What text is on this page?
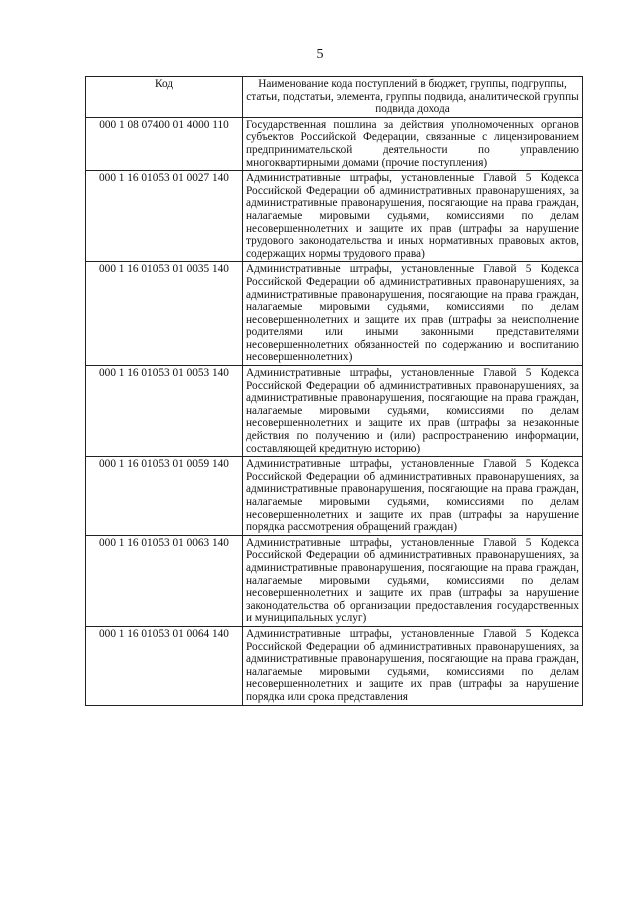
5
Код	Наименование кода поступлений в бюджет, группы, подгруппы, статьи, подстатьи, элемента, группы подвида, аналитической группы подвида дохода
000 1 08 07400 01 4000 110	Государственная пошлина за действия уполномоченных органов субъектов Российской Федерации, связанные с лицензированием предпринимательской деятельности по управлению многоквартирными домами (прочие поступления)
000 1 16 01053 01 0027 140	Административные штрафы, установленные Главой 5 Кодекса Российской Федерации об административных правонарушениях, за административные правонарушения, посягающие на права граждан, налагаемые мировыми судьями, комиссиями по делам несовершеннолетних и защите их прав (штрафы за нарушение трудового законодательства и иных нормативных правовых актов, содержащих нормы трудового права)
000 1 16 01053 01 0035 140	Административные штрафы, установленные Главой 5 Кодекса Российской Федерации об административных правонарушениях, за административные правонарушения, посягающие на права граждан, налагаемые мировыми судьями, комиссиями по делам несовершеннолетних и защите их прав (штрафы за неисполнение родителями или иными законными представителями несовершеннолетних обязанностей по содержанию и воспитанию несовершеннолетних)
000 1 16 01053 01 0053 140	Административные штрафы, установленные Главой 5 Кодекса Российской Федерации об административных правонарушениях, за административные правонарушения, посягающие на права граждан, налагаемые мировыми судьями, комиссиями по делам несовершеннолетних и защите их прав (штрафы за незаконные действия по получению и (или) распространению информации, составляющей кредитную историю)
000 1 16 01053 01 0059 140	Административные штрафы, установленные Главой 5 Кодекса Российской Федерации об административных правонарушениях, за административные правонарушения, посягающие на права граждан, налагаемые мировыми судьями, комиссиями по делам несовершеннолетних и защите их прав (штрафы за нарушение порядка рассмотрения обращений граждан)
000 1 16 01053 01 0063 140	Административные штрафы, установленные Главой 5 Кодекса Российской Федерации об административных правонарушениях, за административные правонарушения, посягающие на права граждан, налагаемые мировыми судьями, комиссиями по делам несовершеннолетних и защите их прав (штрафы за нарушение законодательства об организации предоставления государственных и муниципальных услуг)
000 1 16 01053 01 0064 140	Административные штрафы, установленные Главой 5 Кодекса Российской Федерации об административных правонарушениях, за административные правонарушения, посягающие на права граждан, налагаемые мировыми судьями, комиссиями по делам несовершеннолетних и защите их прав (штрафы за нарушение порядка или срока представления
